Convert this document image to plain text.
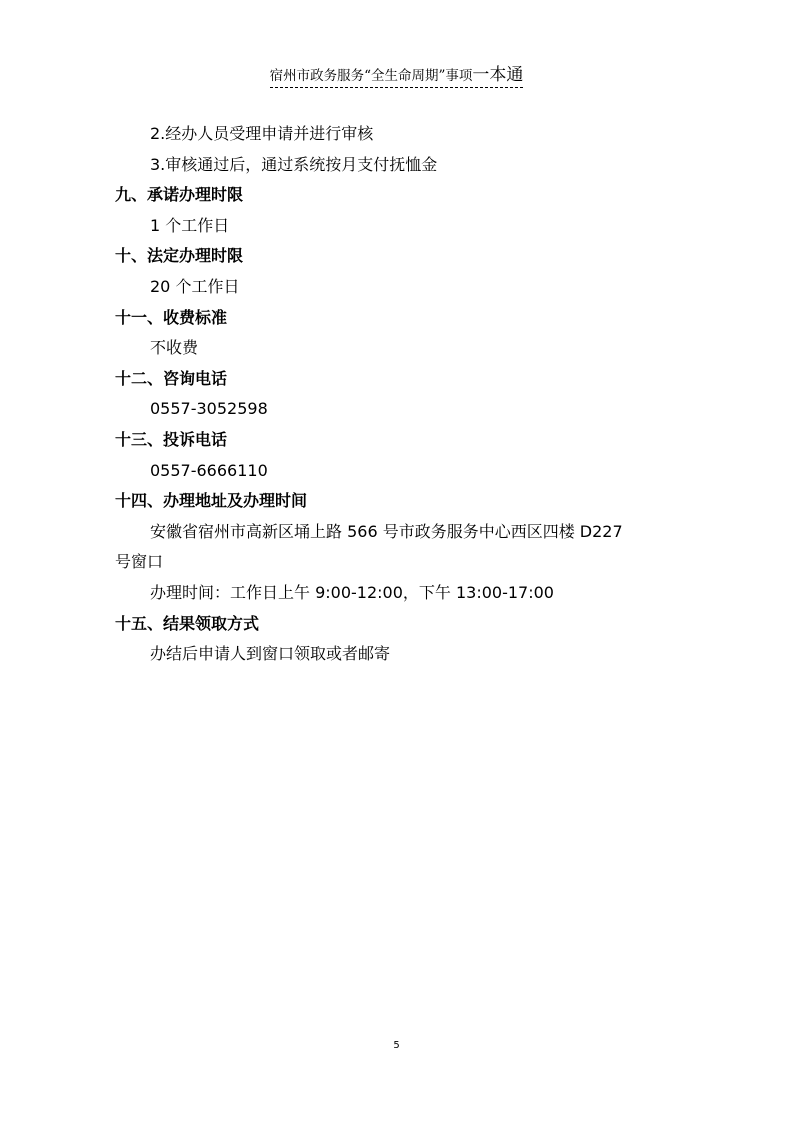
宿州市政务服务“全生命周期”事项一本通
2.经办人员受理申请并进行审核
3.审核通过后，通过系统按月支付抚恤金
九、承诺办理时限
1 个工作日
十、法定办理时限
20 个工作日
十一、收费标准
不收费
十二、咨询电话
0557-3052598
十三、投诉电话
0557-6666110
十四、办理地址及办理时间
安徽省宿州市高新区埇上路 566 号市政务服务中心西区四楼 D227
号窗口
办理时间：工作日上午 9:00-12:00，下午 13:00-17:00
十五、结果领取方式
办结后申请人到窗口领取或者邮寄
5
